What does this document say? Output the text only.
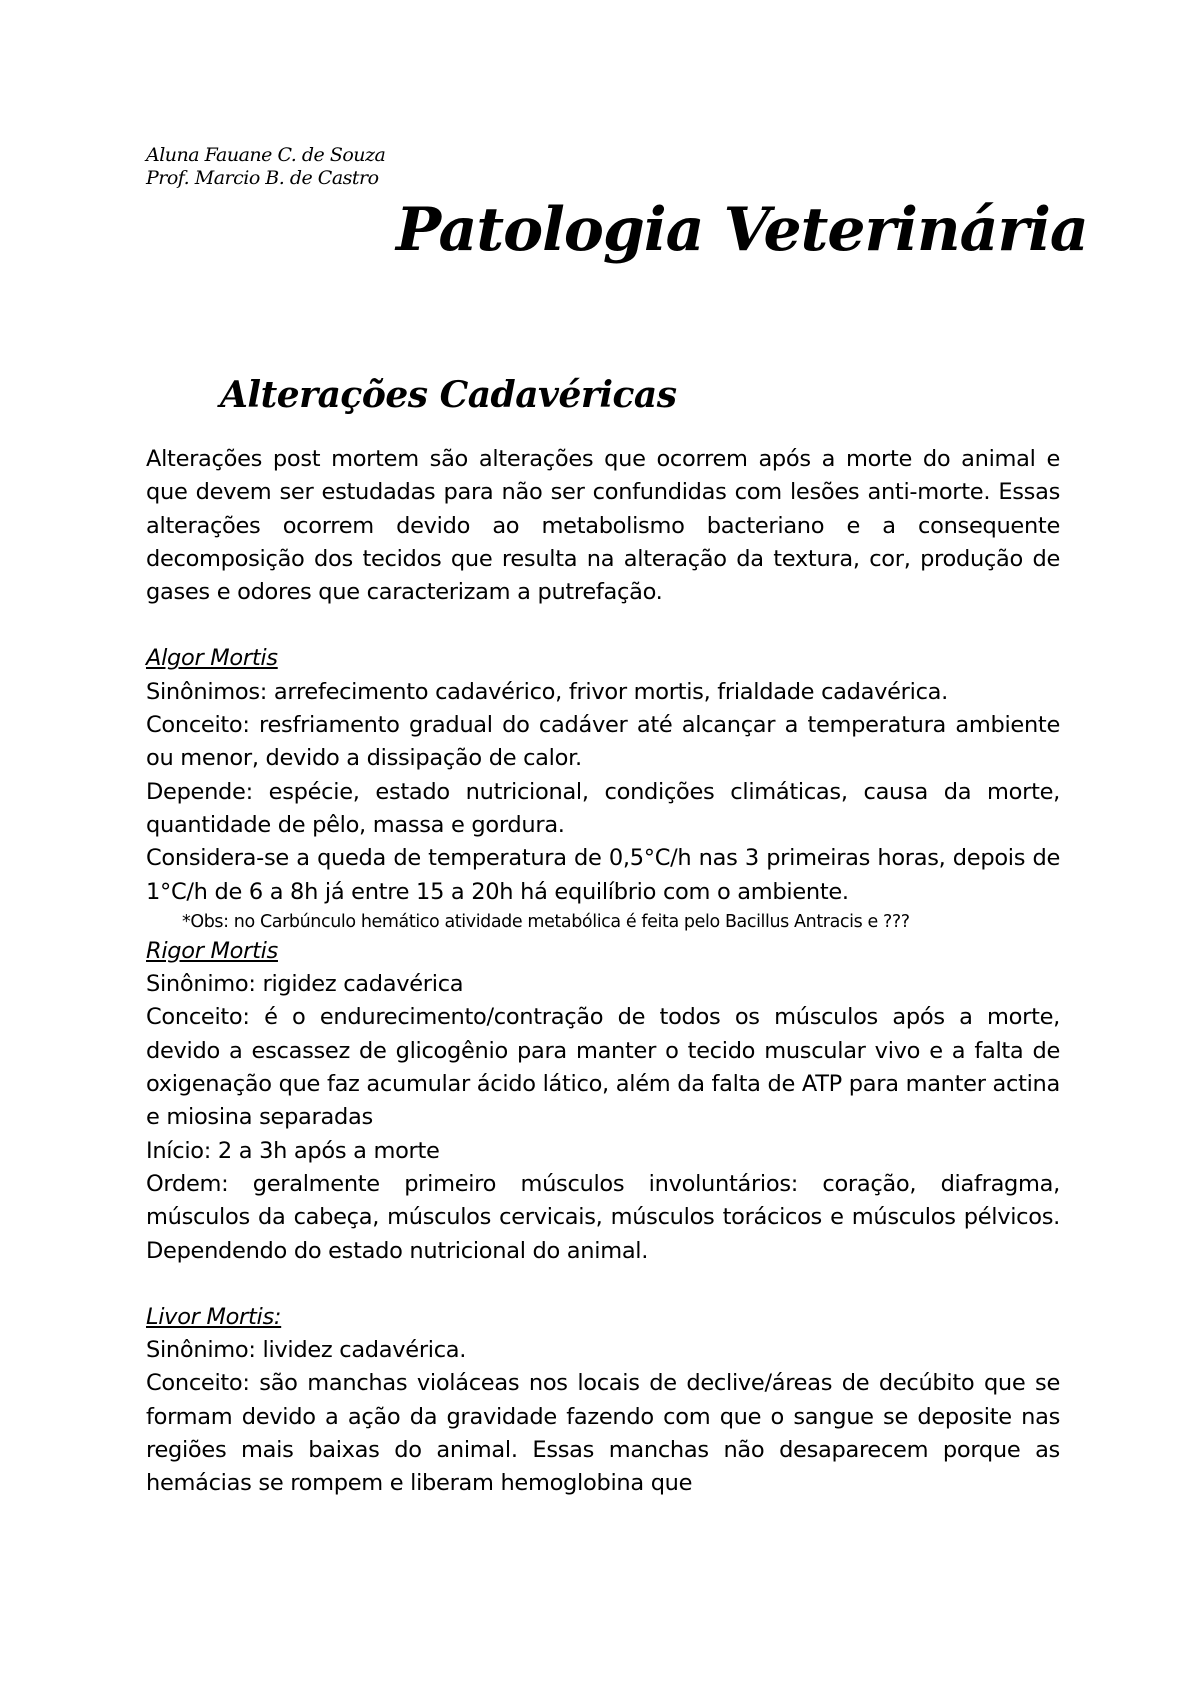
Aluna Fauane C. de Souza
Prof. Marcio B. de Castro
Patologia Veterinária
Alterações Cadavéricas

Alterações post mortem são alterações que ocorrem após a morte do animal e que devem ser estudadas para não ser confundidas com lesões anti-morte. Essas alterações ocorrem devido ao metabolismo bacteriano e a consequente decomposição dos tecidos que resulta na alteração da textura, cor, produção de gases e odores que caracterizam a putrefação.

Algor Mortis

Sinônimos: arrefecimento cadavérico, frivor mortis, frialdade cadavérica.

Conceito: resfriamento gradual do cadáver até alcançar a temperatura ambiente ou menor, devido a dissipação de calor.

Depende: espécie, estado nutricional, condições climáticas, causa da morte, quantidade de pêlo, massa e gordura.

Considera-se a queda de temperatura de 0,5°C/h nas 3 primeiras horas, depois de 1°C/h de 6 a 8h já entre 15 a 20h há equilíbrio com o ambiente.

*Obs: no Carbúnculo hemático atividade metabólica é feita pelo Bacillus Antracis e ???

Rigor Mortis

Sinônimo: rigidez cadavérica

Conceito: é o endurecimento/contração de todos os músculos após a morte, devido a escassez de glicogênio para manter o tecido muscular vivo e a falta de oxigenação que faz acumular ácido lático, além da falta de ATP para manter actina e miosina separadas

Início: 2 a 3h após a morte

Ordem: geralmente primeiro músculos involuntários: coração, diafragma, músculos da cabeça, músculos cervicais, músculos torácicos e músculos pélvicos. Dependendo do estado nutricional do animal.

Livor Mortis:

Sinônimo: lividez cadavérica.

Conceito: são manchas violáceas nos locais de declive/áreas de decúbito que se formam devido a ação da gravidade fazendo com que o sangue se deposite nas regiões mais baixas do animal. Essas manchas não desaparecem porque as hemácias se rompem e liberam hemoglobina que
